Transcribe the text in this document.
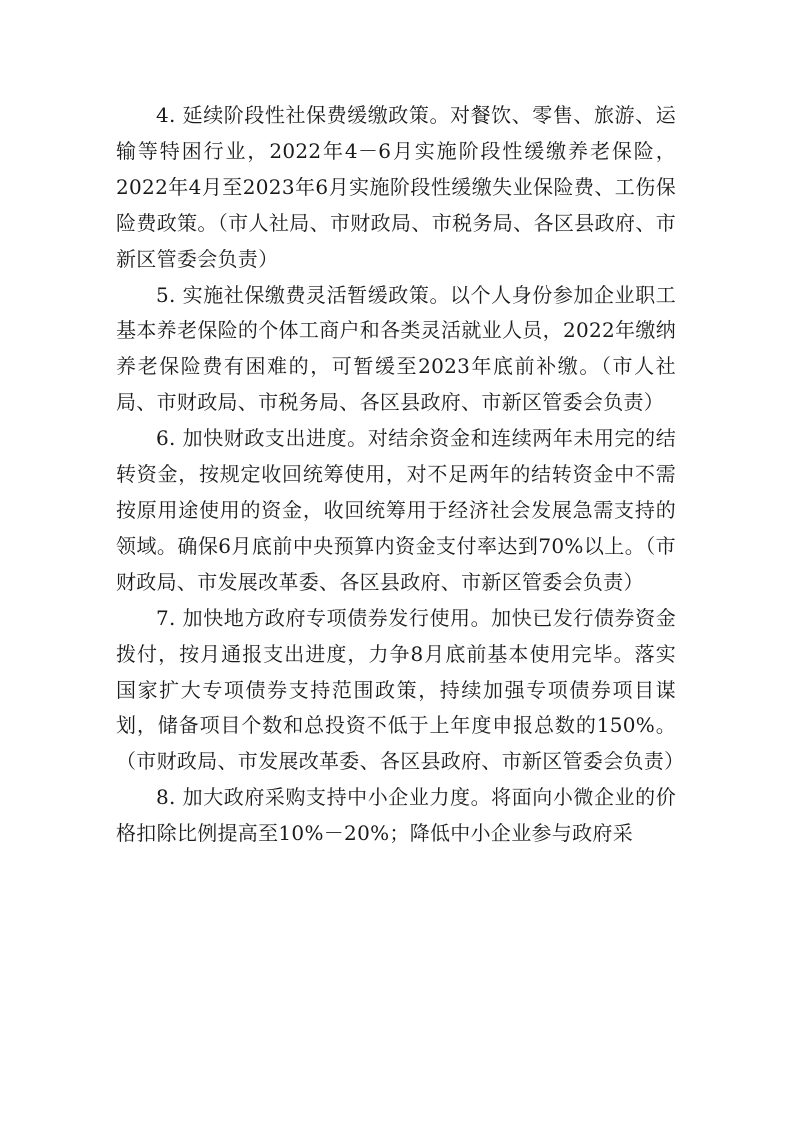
4. 延续阶段性社保费缓缴政策。对餐饮、零售、旅游、运输等特困行业，2022年4－6月实施阶段性缓缴养老保险，2022年4月至2023年6月实施阶段性缓缴失业保险费、工伤保险费政策。（市人社局、市财政局、市税务局、各区县政府、市新区管委会负责）

5. 实施社保缴费灵活暂缓政策。以个人身份参加企业职工基本养老保险的个体工商户和各类灵活就业人员，2022年缴纳养老保险费有困难的，可暂缓至2023年底前补缴。（市人社局、市财政局、市税务局、各区县政府、市新区管委会负责）

6. 加快财政支出进度。对结余资金和连续两年未用完的结转资金，按规定收回统筹使用，对不足两年的结转资金中不需按原用途使用的资金，收回统筹用于经济社会发展急需支持的领域。确保6月底前中央预算内资金支付率达到70%以上。（市财政局、市发展改革委、各区县政府、市新区管委会负责）

7. 加快地方政府专项债券发行使用。加快已发行债券资金拨付，按月通报支出进度，力争8月底前基本使用完毕。落实国家扩大专项债券支持范围政策，持续加强专项债券项目谋划，储备项目个数和总投资不低于上年度申报总数的150%。（市财政局、市发展改革委、各区县政府、市新区管委会负责）

8. 加大政府采购支持中小企业力度。将面向小微企业的价格扣除比例提高至10%－20%；降低中小企业参与政府采
